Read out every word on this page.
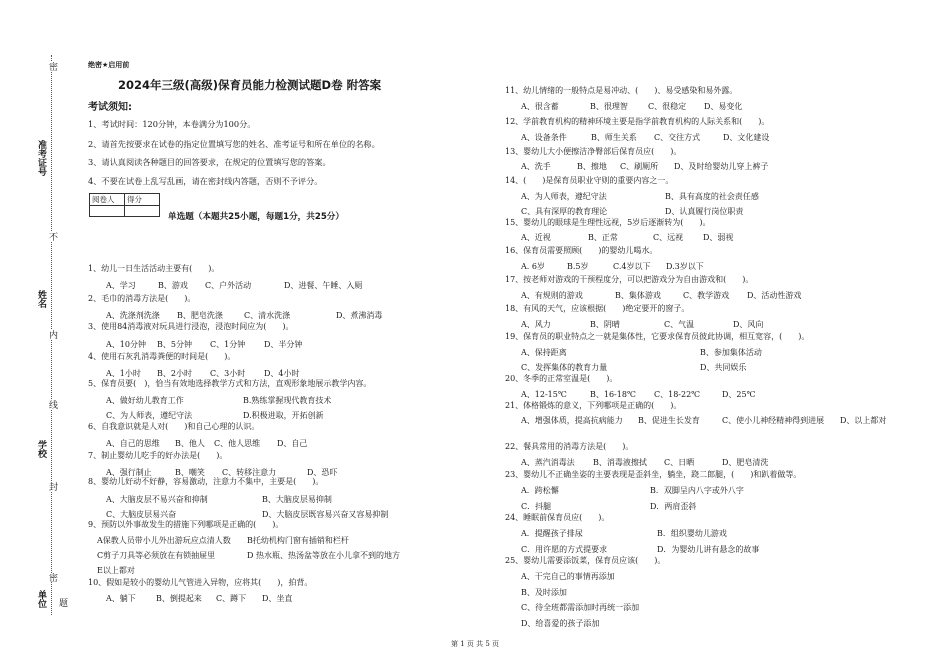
准考证号
姓名
学校
单位
密
不
内
线
封
密
题
绝密★启用前
2024年三级(高级)保育员能力检测试题D卷 附答案
考试须知:

1、考试时间：120分钟，本卷满分为100分。

2、请首先按要求在试卷的指定位置填写您的姓名、准考证号和所在单位的名称。

3、请认真阅读各种题目的回答要求，在规定的位置填写您的答案。

4、不要在试卷上乱写乱画，请在密封线内答题，否则不予评分。

阅卷人	得分

单选题（本题共25小题，每题1分，共25分）
1、幼儿一日生活活动主要有(　　)。
A、学习	B、游戏 C、户外活动	D、进餐、午睡、入厕
2、毛巾的消毒方法是(　　)。
A、洗涤剂洗涤 B、肥皂洗涤	C、清水洗涤	D、煮沸消毒
3、使用84消毒液对玩具进行浸泡，浸泡时间应为(　　)。
A、10分钟 B、5分钟 C、1分钟 D、半分钟
4、使用石灰乳消毒粪便的时间是(　　)。
A、1小时 B、2小时 C、3小时 D、4小时
5、保育员要(　)，恰当有效地选择教学方式和方法，直观形象地展示教学内容。
A、做好幼儿教育工作	B.熟练掌握现代教育技术
C、为人师表，遵纪守法	D.积极进取，开拓创新
6、自我意识就是人对(　　)和自己心理的认识。
A、自己的思维 B、他人 C、他人思维 D、自己
7、制止婴幼儿吃手的好办法是(　　)。
A、强行制止	B、嘲笑 C、转移注意力	D、恐吓
8、婴幼儿好动不好静，容易激动，注意力不集中，主要是(　　)。
A、大脑皮层不易兴奋和抑制	B、大脑皮层易抑制
C、大脑皮层易兴奋	D、大脑皮层既容易兴奋又容易抑制
9、预防以外事故发生的措施下列哪项是正确的(　　)。
A保教人员带小儿外出游玩应点清人数 B托幼机构门窗有插销和栏杆
C剪子刀具等必须放在有锁抽屉里	D 热水瓶、热汤盆等放在小儿拿不到的地方
E以上都对
10、假如是较小的婴幼儿气管进入异物，应将其(　　)，拍背。
A、躺下	B、倒提起来 C、蹲下 D、坐直
11、幼儿情绪的一般特点是易冲动、(　　)、易受感染和易外露。
A、很含蓄	B、很理智	C、很稳定 D、易变化
12、学前教育机构的精神环境主要是指学前教育机构的人际关系和(　　)。
A、设备条件	B、师生关系 C、交往方式	D、文化建设
13、婴幼儿大小便擦洁净臀部后保育员应(　　)。
A、洗手	B、擦地 C、刷厕所 D、及时给婴幼儿穿上裤子
14、(　　)是保育员职业守则的重要内容之一。
A、为人师表，遵纪守法	B、具有高度的社会责任感
C、具有深厚的教育理论	D、认真履行岗位职责
15、婴幼儿的眼球是生理性远视，5岁后逐渐转为(　　)。
A、近视	B、正常	C、远视 D、弱视
16、保育员需要照顾(　　)的婴幼儿喝水。
A. 6岁	B.5岁	C.4岁以下 D.3岁以下
17、按老师对游戏的干预程度分，可以把游戏分为自由游戏和(　　)。
A、有规则的游戏	B、集体游戏	C、教学游戏 D、活动性游戏
18、有风的天气，应该根据(　　)绝定要开的窗子。
A、风力	B、阴晴	C、气温	D、风向
19、保育员的职业特点之一就是集体性，它要求保育员彼此协调，相互宽容，(　　)。
A、保持距离	B、参加集体活动
C、发挥集体的教育力量	D、共同娱乐
20、冬季的正常室温是(　　)。
A、12-15℃	B、16-18℃ C、18-22℃	D、25℃
21、体格锻炼的意义，下列哪项是正确的(　　)。
A、增强体质，提高抗病能力 B、促进生长发育	C、使小儿神经精神得到进展 D、以上都对
22、餐具常用的消毒方法是(　　)。
A、蒸汽消毒法 B、消毒液擦拭 C、日晒	D、肥皂清洗
23、婴幼儿不正确坐姿的主要表现是歪斜坐，躺坐，跷二郎腿，(　　)和趴着做等。
A．跨松懈	B．双脚呈内八字或外八字
C．抖腿	D．两肩歪斜
24、睡眠前保育员应(　　)。
A．提醒孩子排尿	B．组织婴幼儿游戏
C．用许愿的方式提要求	D．为婴幼儿讲有悬念的故事
25、婴幼儿需要添饭菜，保育员应该(　　)。
A、干完自己的事情再添加
B、及时添加
C、待全班都需添加时再统一添加
D、给喜爱的孩子添加
第 1 页 共 5 页
